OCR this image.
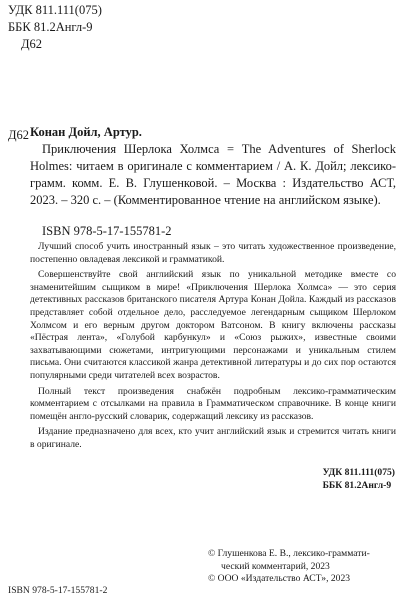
УДК 811.111(075)
ББК 81.2Англ-9
Д62
Д62 Конан Дойл, Артур.
Приключения Шерлока Холмса = The Adventures of Sherlock Holmes: читаем в оригинале с комментарием / А. К. Дойл; лексико-грамм. комм. Е. В. Глушенковой. – Москва : Издательство АСТ, 2023. – 320 с. – (Комментированное чтение на английском языке).
ISBN 978-5-17-155781-2

Лучший способ учить иностранный язык – это читать художественное произведение, постепенно овладевая лексикой и грамматикой.

Совершенствуйте свой английский язык по уникальной методике вместе со знаменитейшим сыщиком в мире! «Приключения Шерлока Холмса» — это серия детективных рассказов британского писателя Артура Конан Дойла. Каждый из рассказов представляет собой отдельное дело, расследуемое легендарным сыщиком Шерлоком Холмсом и его верным другом доктором Ватсоном. В книгу включены рассказы «Пёстрая лента», «Голубой карбункул» и «Союз рыжих», известные своими захватывающими сюжетами, интригующими персонажами и уникальным стилем письма. Они считаются классикой жанра детективной литературы и до сих пор остаются популярными среди читателей всех возрастов.

Полный текст произведения снабжён подробным лексико-грамматическим комментарием с отсылками на правила в Грамматическом справочнике. В конце книги помещён англо-русский словарик, содержащий лексику из рассказов.

Издание предназначено для всех, кто учит английский язык и стремится читать книги в оригинале.

УДК 811.111(075)
ББК 81.2Англ-9

© Глушенкова Е. В., лексико-граммати-

ческий комментарий, 2023

© ООО «Издательство АСТ», 2023

ISBN 978-5-17-155781-2
